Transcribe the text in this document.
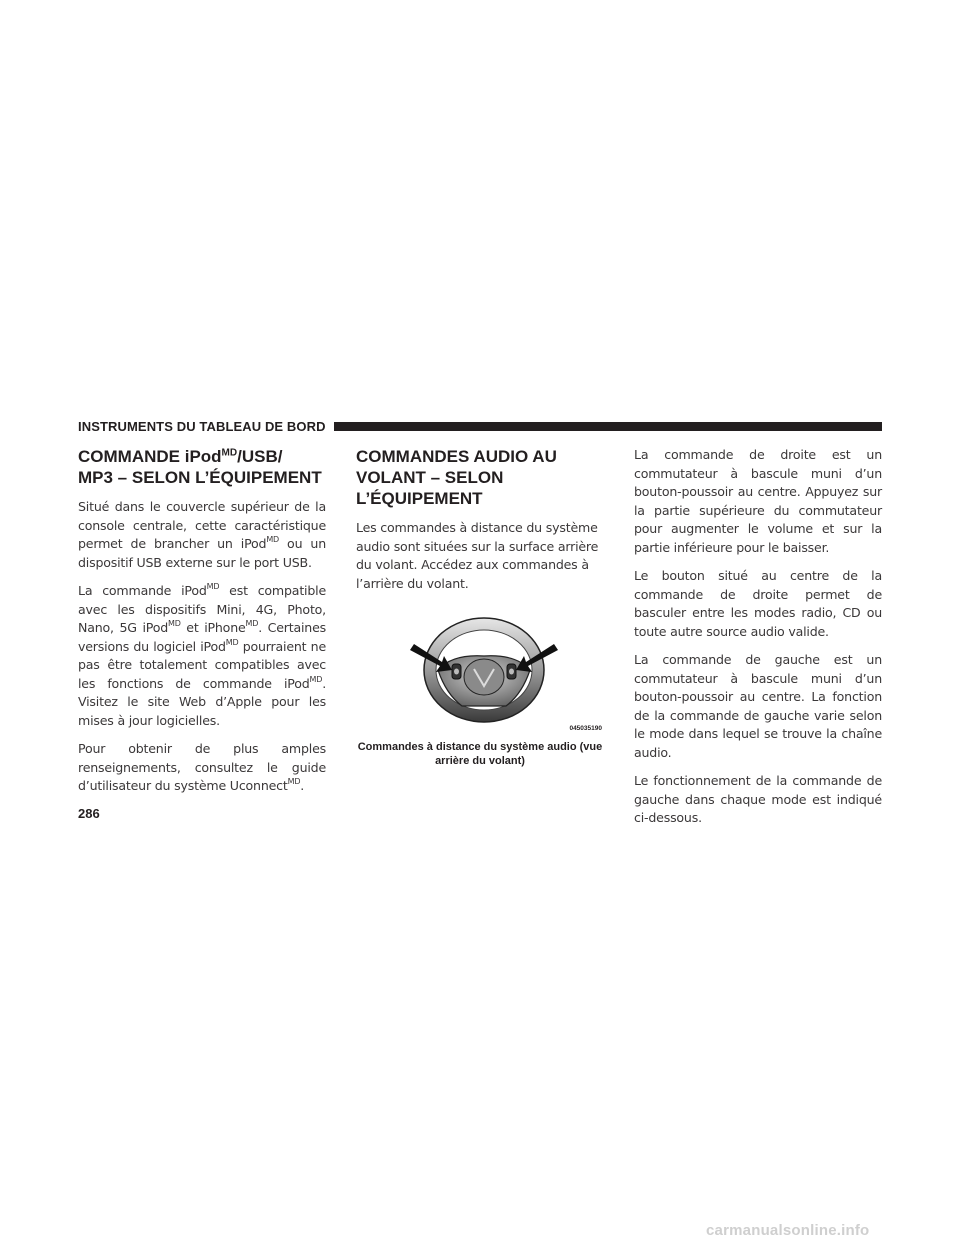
INSTRUMENTS DU TABLEAU DE BORD
COMMANDE iPod$^{MD}$/USB/
MP3 – SELON L’ÉQUIPEMENT

Situé dans le couvercle supérieur de la console centrale, cette caractéristique permet de brancher un iPod$^{MD}$ ou un dispositif USB externe sur le port USB.

La commande iPod$^{MD}$ est compatible avec les dispositifs Mini, 4G, Photo, Nano, 5G iPod$^{MD}$ et iPhone$^{MD}$. Certaines versions du logiciel iPod$^{MD}$ pourraient ne pas être totalement compatibles avec les fonctions de commande iPod$^{MD}$. Visitez le site Web d’Apple pour les mises à jour logicielles.

Pour obtenir de plus amples renseignements, consultez le guide d’utilisateur du système Uconnect$^{MD}$.

COMMANDES AUDIO AU
VOLANT – SELON
L’ÉQUIPEMENT

Les commandes à distance du système audio sont situées sur la surface arrière du volant. Accédez aux commandes à l’arrière du volant.

045035190
Commandes à distance du système audio (vue
arrière du volant)

La commande de droite est un commutateur à bascule muni d’un bouton-poussoir au centre. Appuyez sur la partie supérieure du commutateur pour augmenter le volume et sur la partie inférieure pour le baisser.

Le bouton situé au centre de la commande de droite permet de basculer entre les modes radio, CD ou toute autre source audio valide.

La commande de gauche est un commutateur à bascule muni d’un bouton-poussoir au centre. La fonction de la commande de gauche varie selon le mode dans lequel se trouve la chaîne audio.

Le fonctionnement de la commande de gauche dans chaque mode est indiqué ci-dessous.

286
carmanualsonline.info
